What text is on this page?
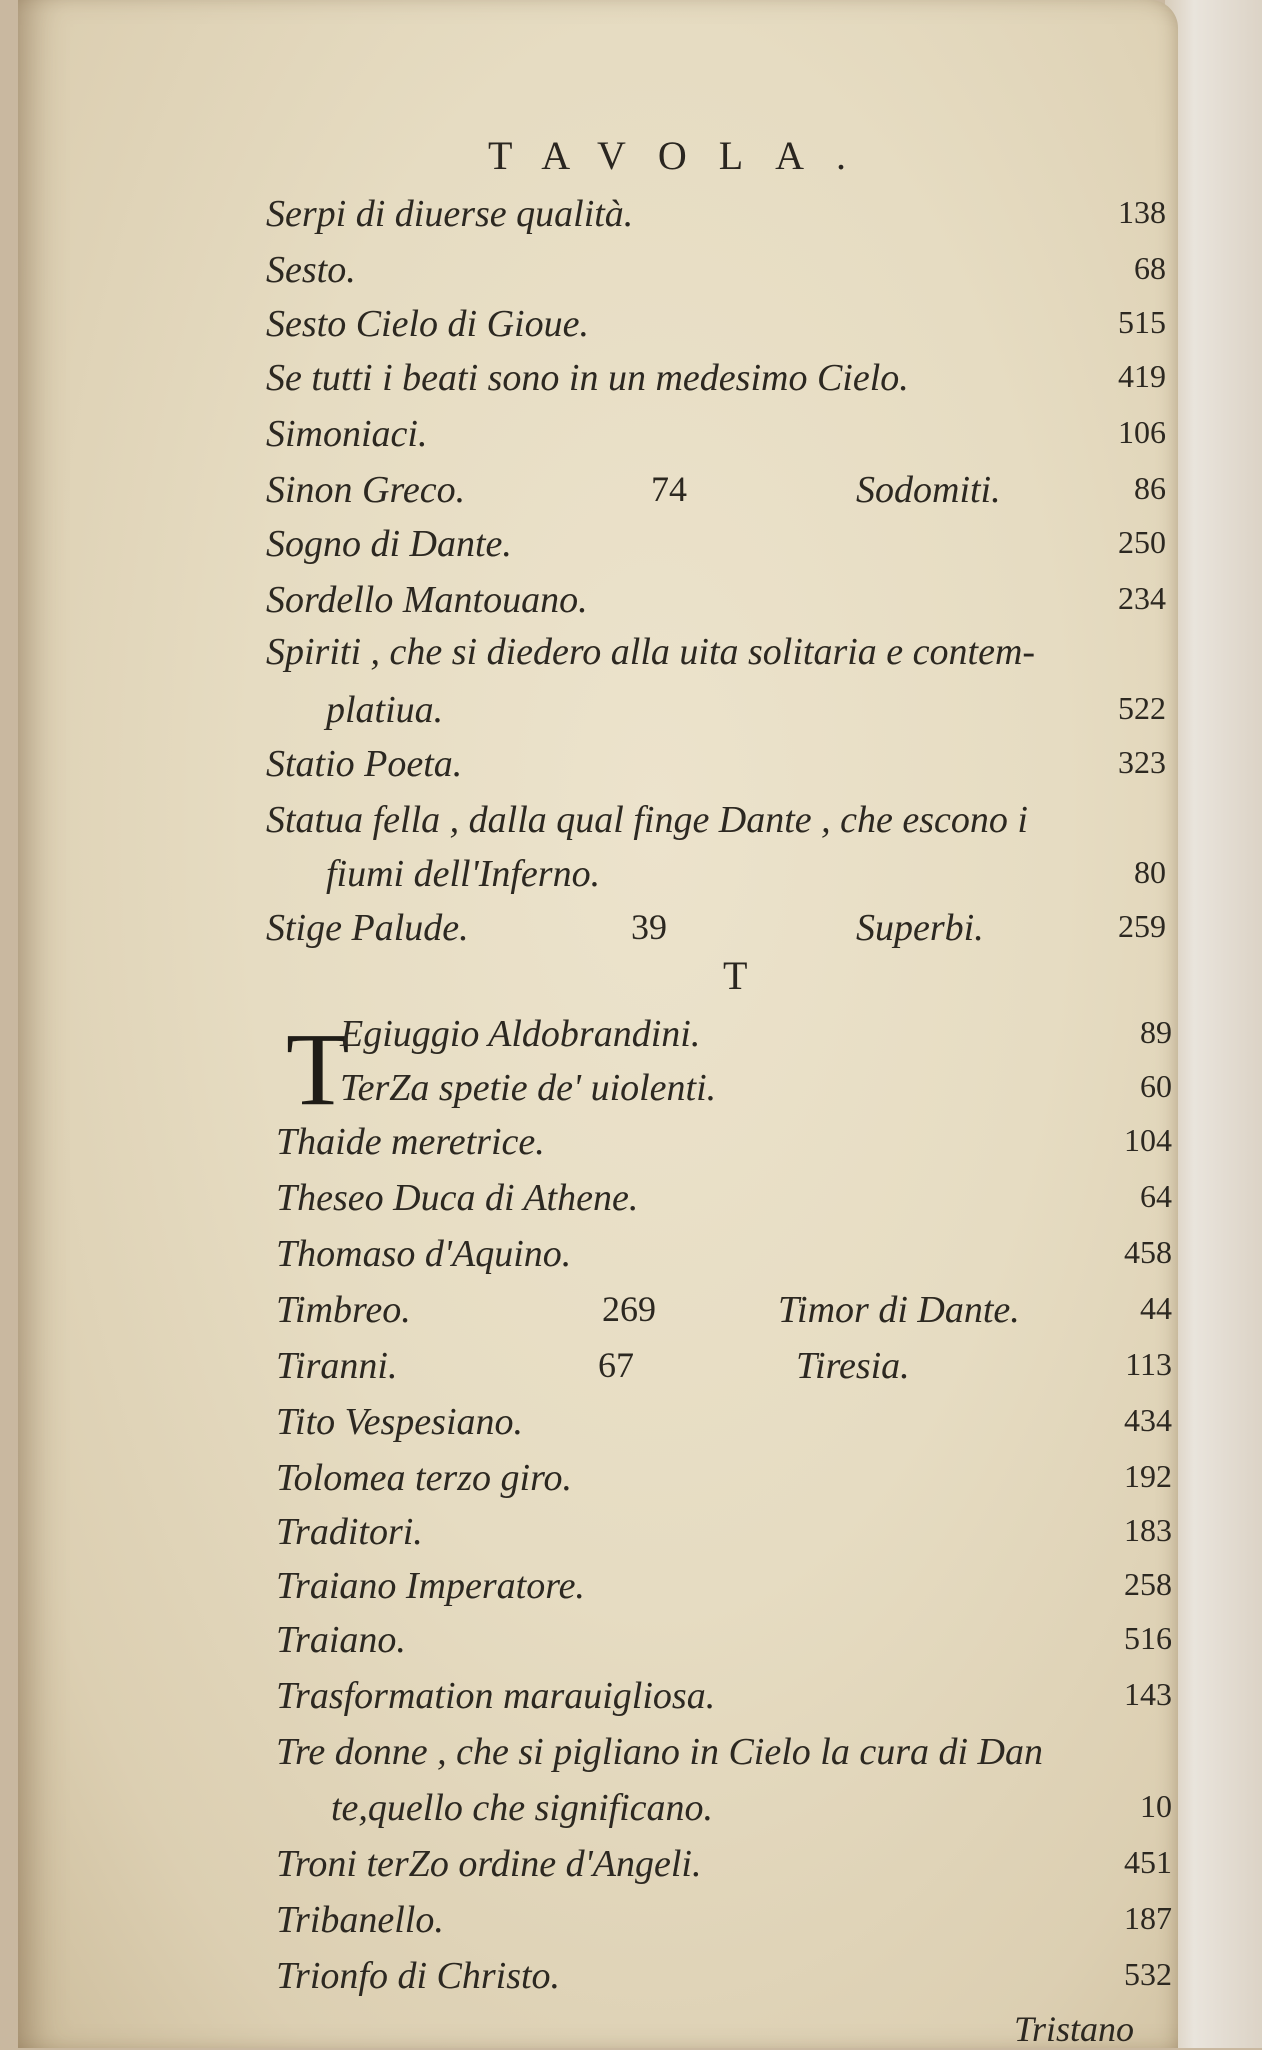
TAVOLA.
Serpi di diuerse qualità.	138
Sesto.	68
Sesto Cielo di Gioue.	515
Se tutti i beati sono in un medesimo Cielo.	419
Simoniaci.	106
Sinon Greco.	74	Sodomiti.	86
Sogno di Dante.	250
Sordello Mantouano.	234
Spiriti , che si diedero alla uita solitaria e contem-
platiua.	522
Statio Poeta.	323
Statua fella , dalla qual finge Dante , che escono i
fiumi dell'Inferno.	80
Stige Palude.	39	Superbi.	259
T
T
Egiuggio Aldobrandini.	89
TerZa spetie de' uiolenti.	60
Thaide meretrice.	104
Theseo Duca di Athene.	64
Thomaso d'Aquino.	458
Timbreo.	269	Timor di Dante.	44
Tiranni.	67	Tiresia.	113
Tito Vespesiano.	434
Tolomea terzo giro.	192
Traditori.	183
Traiano Imperatore.	258
Traiano.	516
Trasformation marauigliosa.	143
Tre donne , che si pigliano in Cielo la cura di Dan
te,quello che significano.	10
Troni terZo ordine d'Angeli.	451
Tribanello.	187
Trionfo di Christo.	532
Tristano
